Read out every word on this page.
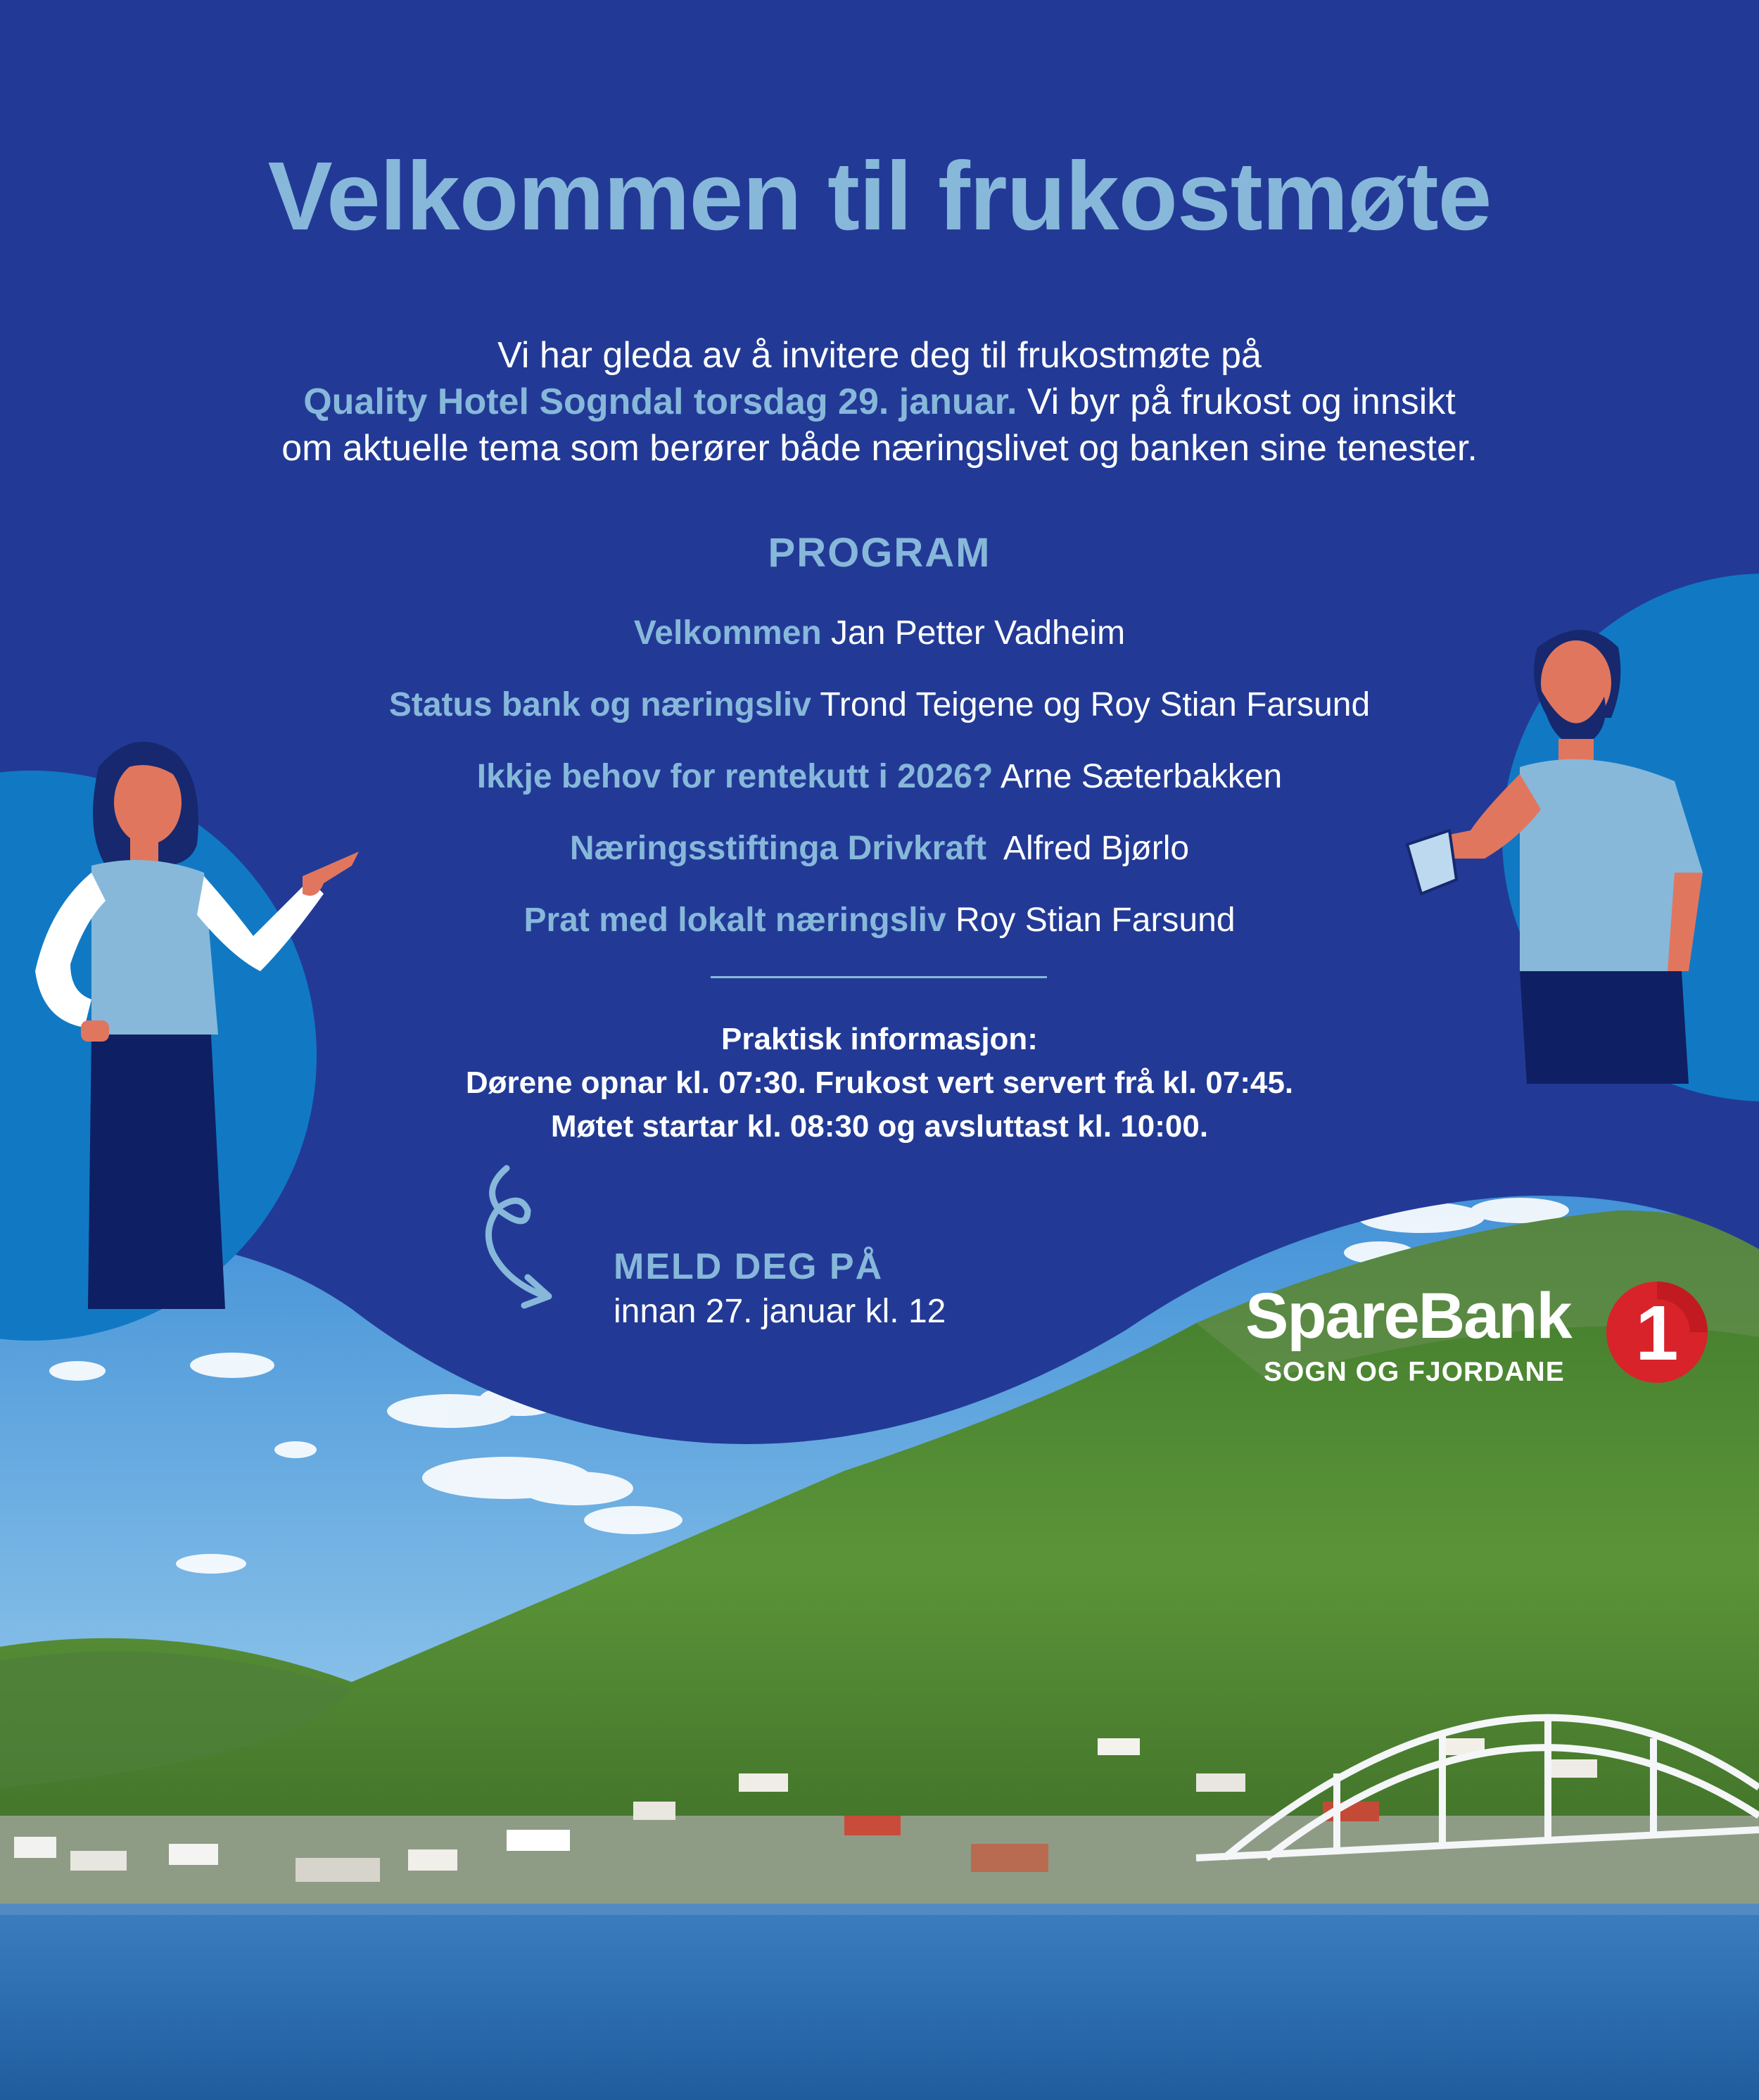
Velkommen til frukostmøte
Vi har gleda av å invitere deg til frukostmøte på
Quality Hotel Sogndal torsdag 29. januar. Vi byr på frukost og innsikt
om aktuelle tema som berører både næringslivet og banken sine tenester.
PROGRAM
Velkommen Jan Petter Vadheim
Status bank og næringsliv Trond Teigene og Roy Stian Farsund
Ikkje behov for rentekutt i 2026? Arne Sæterbakken
Næringsstiftinga Drivkraft  Alfred Bjørlo
Prat med lokalt næringsliv Roy Stian Farsund
Praktisk informasjon:
Dørene opnar kl. 07:30. Frukost vert servert frå kl. 07:45.
Møtet startar kl. 08:30 og avsluttast kl. 10:00.
MELD DEG PÅ
innan 27. januar kl. 12	SpareBank 1
SOGN OG FJORDANE
